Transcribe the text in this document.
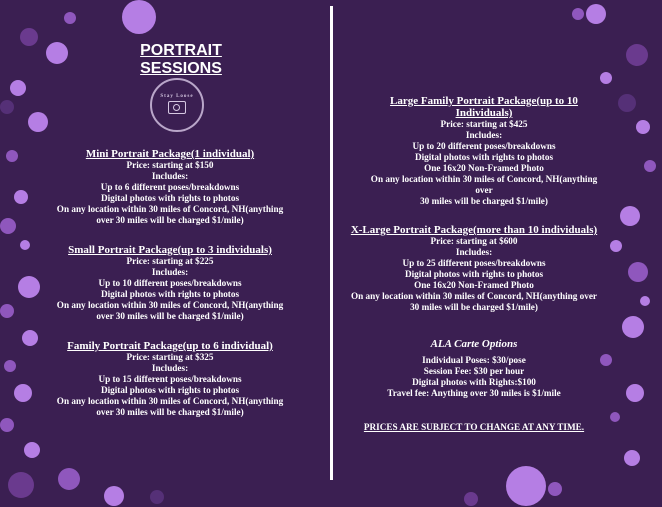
PORTRAIT SESSIONS
Stay Loose

Mini Portrait Package(1 individual)

Price: starting at $150

Includes:

Up to 6 different poses/breakdowns

Digital photos with rights to photos

On any location within 30 miles of Concord, NH(anything

over 30 miles will be charged $1/mile)

Small Portrait Package(up to 3 individuals)

Price: starting at $225

Includes:

Up to 10 different poses/breakdowns

Digital photos with rights to photos

On any location within 30 miles of Concord, NH(anything

over 30 miles will be charged $1/mile)

Family Portrait Package(up to 6 individual)

Price: starting at $325

Includes:

Up to 15 different poses/breakdowns

Digital photos with rights to photos

On any location within 30 miles of Concord, NH(anything

over 30 miles will be charged $1/mile)

Large Family Portrait Package(up to 10 Individuals)

Price: starting at $425

Includes:

Up to 20 different poses/breakdowns

Digital photos with rights to photos

One 16x20 Non-Framed Photo

On any location within 30 miles of Concord, NH(anything over

30 miles will be charged $1/mile)

X-Large Portrait Package(more than 10 individuals)

Price: starting at $600

Includes:

Up to 25 different poses/breakdowns

Digital photos with rights to photos

One 16x20 Non-Framed Photo

On any location within 30 miles of Concord, NH(anything over

30 miles will be charged $1/mile)

ALA Carte Options

Individual Poses: $30/pose

Session Fee: $30 per hour

Digital photos with Rights:$100

Travel fee: Anything over 30 miles is $1/mile

PRICES ARE SUBJECT TO CHANGE AT ANY TIME.
